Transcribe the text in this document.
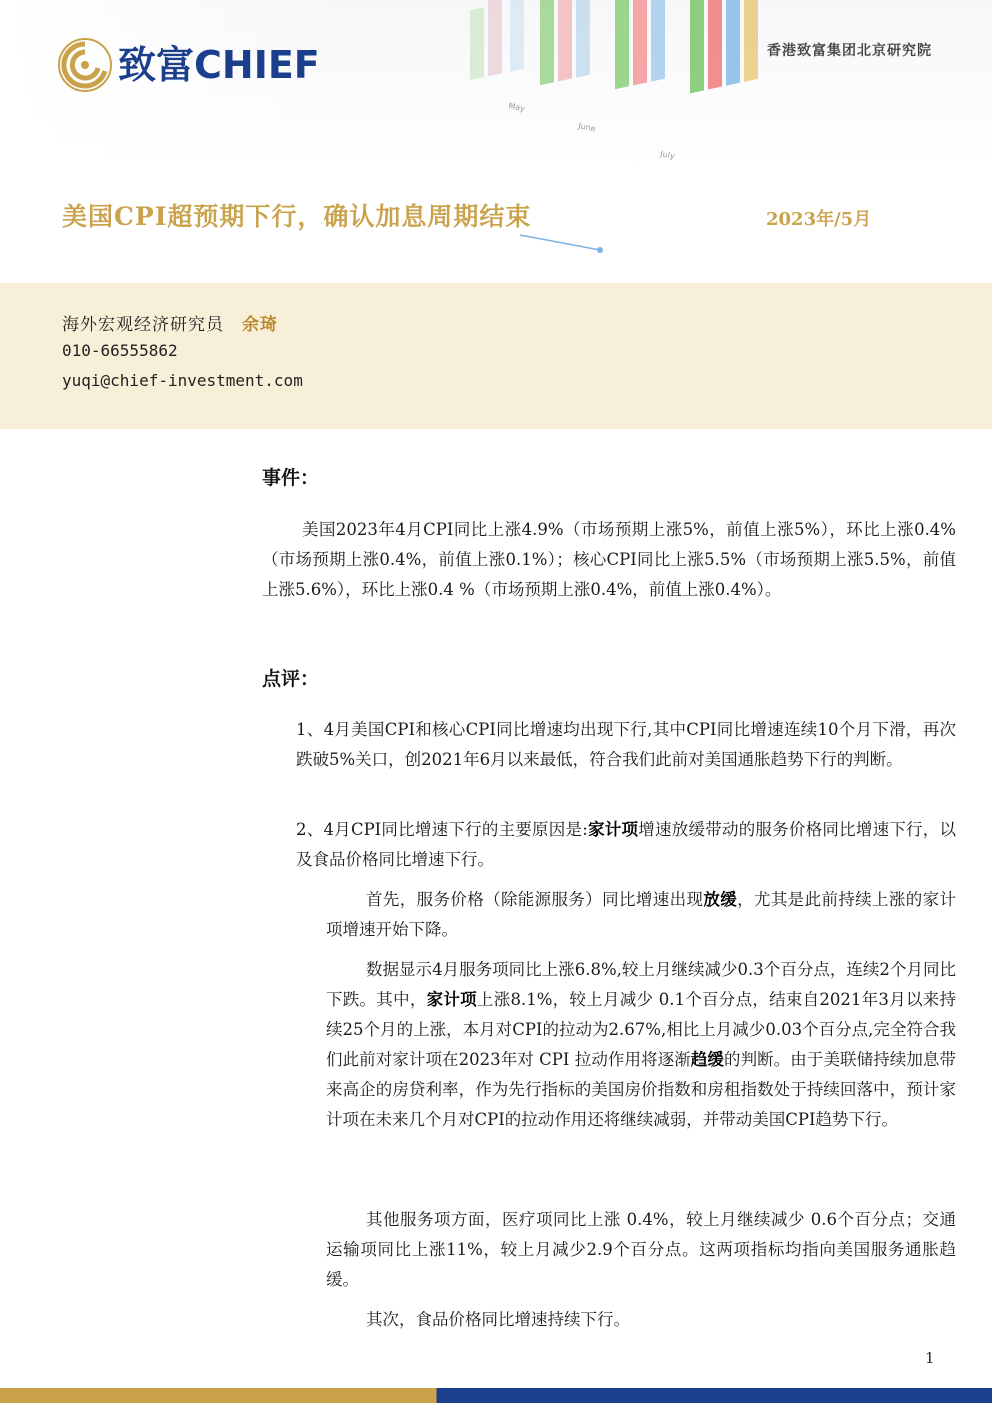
致富CHIEF	香港致富集团北京研究院
美国CPI超预期下行，确认加息周期结束	2023年/5月
海外宏观经济研究员 余琦
010-66555862
yuqi@chief-investment.com
事件：
美国2023年4月CPI同比上涨4.9%（市场预期上涨5%，前值上涨5%），环比上涨0.4%（市场预期上涨0.4%，前值上涨0.1%）；核心CPI同比上涨5.5%（市场预期上涨5.5%，前值上涨5.6%），环比上涨0.4 %（市场预期上涨0.4%，前值上涨0.4%）。
点评：
1、4月美国CPI和核心CPI同比增速均出现下行,其中CPI同比增速连续10个月下滑，再次跌破5%关口，创2021年6月以来最低，符合我们此前对美国通胀趋势下行的判断。
2、4月CPI同比增速下行的主要原因是:家计项增速放缓带动的服务价格同比增速下行，以及食品价格同比增速下行。
首先，服务价格（除能源服务）同比增速出现放缓，尤其是此前持续上涨的家计项增速开始下降。
数据显示4月服务项同比上涨6.8%,较上月继续减少0.3个百分点，连续2个月同比下跌。其中，家计项上涨8.1%，较上月减少 0.1个百分点，结束自2021年3月以来持续25个月的上涨，本月对CPI的拉动为2.67%,相比上月减少0.03个百分点,完全符合我们此前对家计项在2023年对 CPI 拉动作用将逐渐趋缓的判断。由于美联储持续加息带来高企的房贷利率，作为先行指标的美国房价指数和房租指数处于持续回落中，预计家计项在未来几个月对CPI的拉动作用还将继续减弱，并带动美国CPI趋势下行。
其他服务项方面，医疗项同比上涨 0.4%，较上月继续减少 0.6个百分点；交通运输项同比上涨11%，较上月减少2.9个百分点。这两项指标均指向美国服务通胀趋缓。
其次，食品价格同比增速持续下行。
1
